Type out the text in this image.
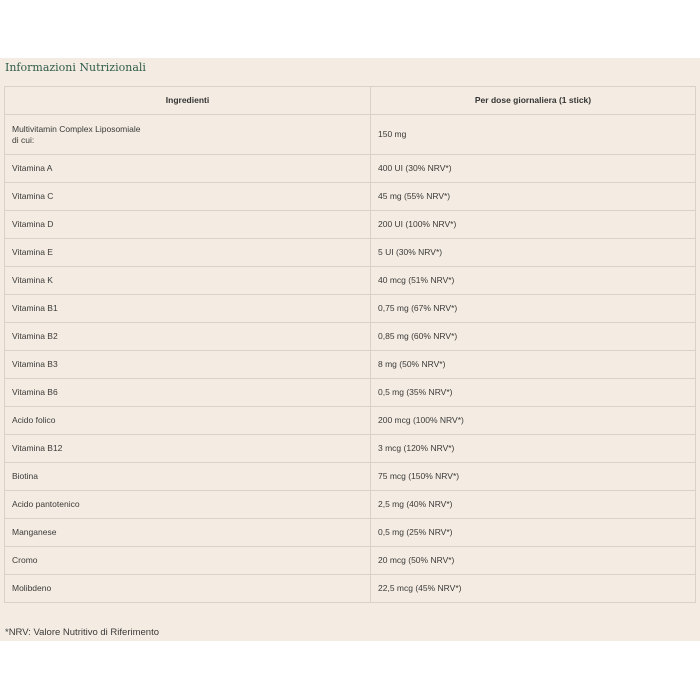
Informazioni Nutrizionali
Ingredienti	Per dose giornaliera (1 stick)
Multivitamin Complex Liposomiale
di cui:	150 mg
Vitamina A	400 UI (30% NRV*)
Vitamina C	45 mg (55% NRV*)
Vitamina D	200 UI (100% NRV*)
Vitamina E	5 UI (30% NRV*)
Vitamina K	40 mcg (51% NRV*)
Vitamina B1	0,75 mg (67% NRV*)
Vitamina B2	0,85 mg (60% NRV*)
Vitamina B3	8 mg (50% NRV*)
Vitamina B6	0,5 mg (35% NRV*)
Acido folico	200 mcg (100% NRV*)
Vitamina B12	3 mcg (120% NRV*)
Biotina	75 mcg (150% NRV*)
Acido pantotenico	2,5 mg (40% NRV*)
Manganese	0,5 mg (25% NRV*)
Cromo	20 mcg (50% NRV*)
Molibdeno	22,5 mcg (45% NRV*)
*NRV: Valore Nutritivo di Riferimento
